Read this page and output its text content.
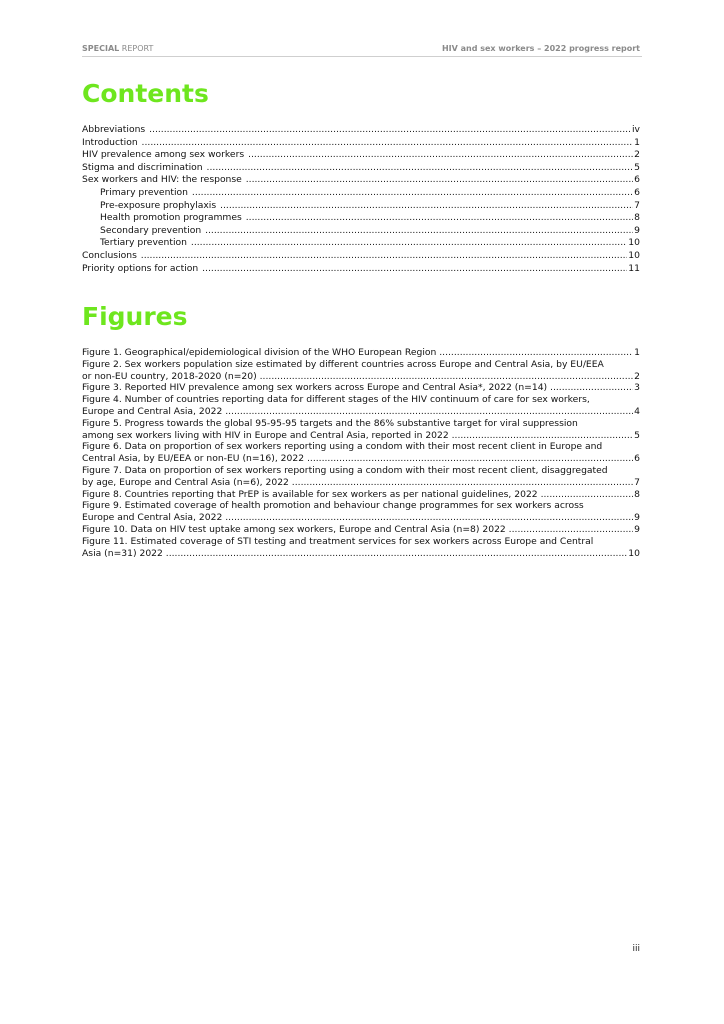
SPECIAL REPORT	HIV and sex workers – 2022 progress report
Contents
Abbreviations	iv
.....
Introduction	1
.....
HIV prevalence among sex workers	2
.....
Stigma and discrimination	5
.....
Sex workers and HIV: the response	6
.....
Primary prevention	6
.....
Pre-exposure prophylaxis	7
.....
Health promotion programmes	8
.....
Secondary prevention	9
.....
Tertiary prevention	10
.....
Conclusions	10
.....
Priority options for action	11
.....
Figures
Figure 1. Geographical/epidemiological division of the WHO European Region	1
.....
Figure 2. Sex workers population size estimated by different countries across Europe and Central Asia, by EU/EEA
or non-EU country, 2018-2020 (n=20)	2
.....
Figure 3. Reported HIV prevalence among sex workers across Europe and Central Asia*, 2022 (n=14)	3
.....
Figure 4. Number of countries reporting data for different stages of the HIV continuum of care for sex workers,
Europe and Central Asia, 2022	4
.....
Figure 5. Progress towards the global 95-95-95 targets and the 86% substantive target for viral suppression
among sex workers living with HIV in Europe and Central Asia, reported in 2022	5
.....
Figure 6. Data on proportion of sex workers reporting using a condom with their most recent client in Europe and
Central Asia, by EU/EEA or non-EU (n=16), 2022	6
.....
Figure 7. Data on proportion of sex workers reporting using a condom with their most recent client, disaggregated
by age, Europe and Central Asia (n=6), 2022	7
.....
Figure 8. Countries reporting that PrEP is available for sex workers as per national guidelines, 2022	8
.....
Figure 9. Estimated coverage of health promotion and behaviour change programmes for sex workers across
Europe and Central Asia, 2022	9
.....
Figure 10. Data on HIV test uptake among sex workers, Europe and Central Asia (n=8) 2022	9
.....
Figure 11. Estimated coverage of STI testing and treatment services for sex workers across Europe and Central
Asia (n=31) 2022	10
.....
iii
